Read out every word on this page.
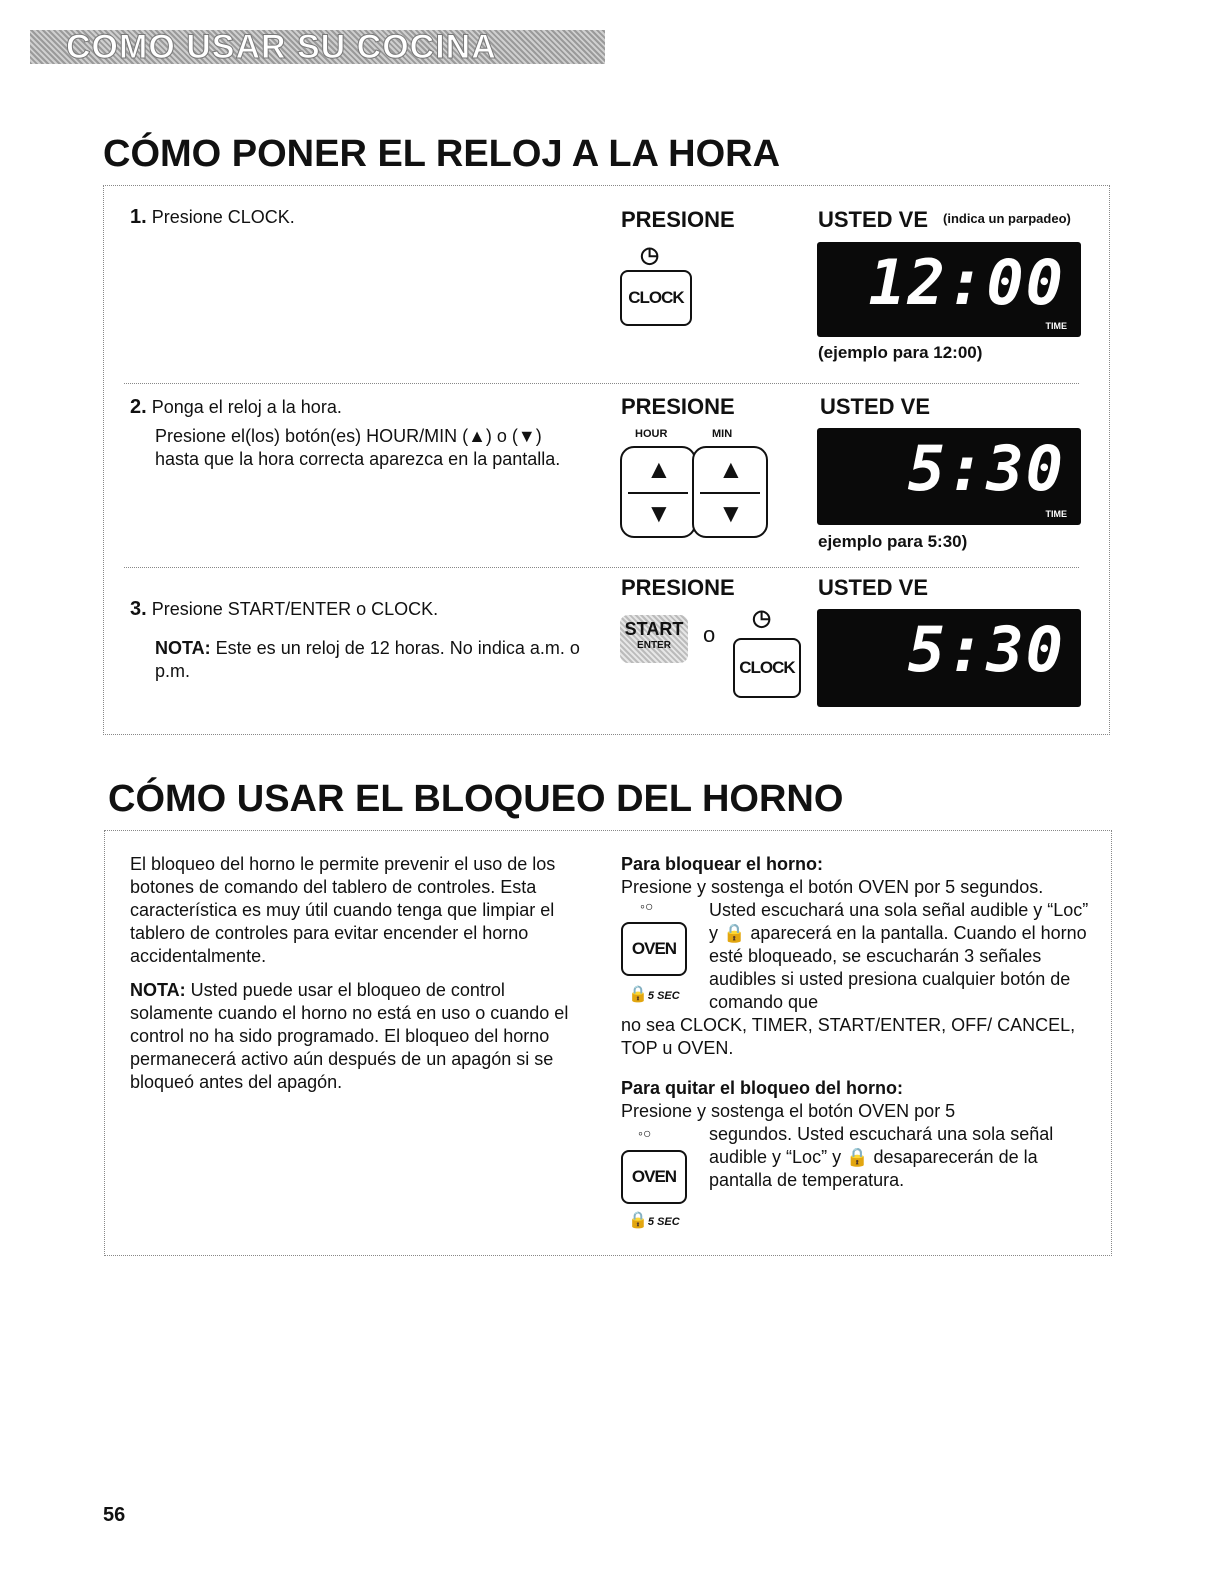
COMO USAR SU COCINA
CÓMO PONER EL RELOJ A LA HORA
1. Presione CLOCK.	PRESIONE	USTED VE (indica un parpadeo)
◷
CLOCK	12:00
TIME
(ejemplo para 12:00)
2. Ponga el reloj a la hora.
Presione el(los) botón(es) HOUR/MIN (▲) o (▼) hasta que la hora correcta aparezca en la pantalla.
PRESIONE	USTED VE
HOUR	MIN
▲
▼
▲
▼
5:30
TIME
ejemplo para 5:30)
3. Presione START/ENTER o CLOCK.
NOTA: Este es un reloj de 12 horas. No indica a.m. o p.m.
PRESIONE	USTED VE
START
ENTER	o
◷
CLOCK 5:30
CÓMO USAR EL BLOQUEO DEL HORNO
El bloqueo del horno le permite prevenir el uso de los botones de comando del tablero de controles. Esta característica es muy útil cuando tenga que limpiar el tablero de controles para evitar encender el horno accidentalmente.
NOTA: Usted puede usar el bloqueo de control solamente cuando el horno no está en uso o cuando el control no ha sido programado. El bloqueo del horno permanecerá activo aún después de un apagón si se bloqueó antes del apagón.
Para bloquear el horno:
Presione y sostenga el botón OVEN por 5 segundos.
◦○
OVEN
🔒5 SEC
Usted escuchará una sola señal audible y “Loc” y 🔒 aparecerá en la pantalla. Cuando el horno esté bloqueado, se escucharán 3 señales audibles si usted presiona cualquier botón de comando que
no sea CLOCK, TIMER, START/ENTER, OFF/ CANCEL, TOP u OVEN.
Para quitar el bloqueo del horno:
Presione y sostenga el botón OVEN por 5
◦○
OVEN
🔒5 SEC
segundos. Usted escuchará una sola señal audible y “Loc” y 🔒 desaparecerán de la pantalla de temperatura.
56
